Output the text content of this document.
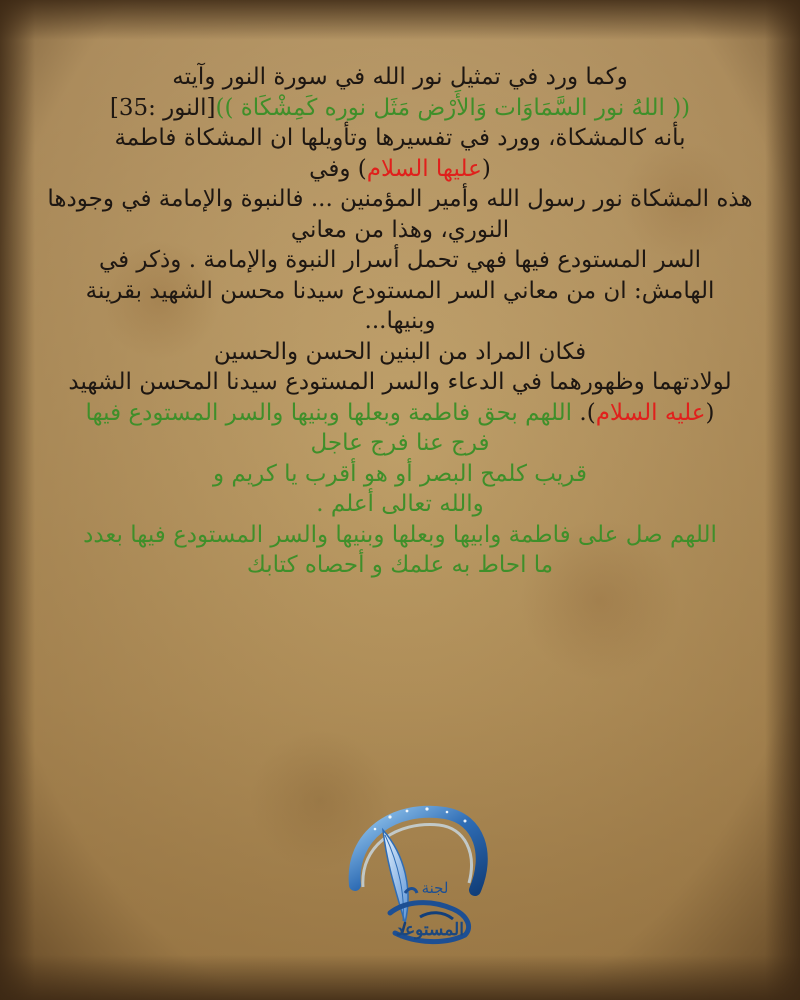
وكما ورد في تمثيل نور الله في سورة النور وآيته
(( اللهُ نور السَّمَاوَات وَالأَرْض مَثَل نوره كَمِشْكَاة ))[النور :35]
بأنه كالمشكاة، وورد في تفسيرها وتأويلها ان المشكاة فاطمة
(عليها السلام) وفي
هذه المشكاة نور رسول الله وأمير المؤمنين ... فالنبوة والإمامة في وجودها
النوري، وهذا من معاني
السر المستودع فيها فهي تحمل أسرار النبوة والإمامة . وذكر في
الهامش: ان من معاني السر المستودع سيدنا محسن الشهيد بقرينة
وبنيها...
فكان المراد من البنين الحسن والحسين
لولادتهما وظهورهما في الدعاء والسر المستودع سيدنا المحسن الشهيد
(عليه السلام). اللهم بحق فاطمة وبعلها وبنيها والسر المستودع فيها
فرج عنا فرج عاجل
قريب كلمح البصر أو هو أقرب يا كريم و
والله تعالى أعلم .
اللهم صل على فاطمة وابيها وبعلها وبنيها والسر المستودع فيها بعدد
ما احاط به علمك و أحصاه كتابك
لجنة
المستوعد
